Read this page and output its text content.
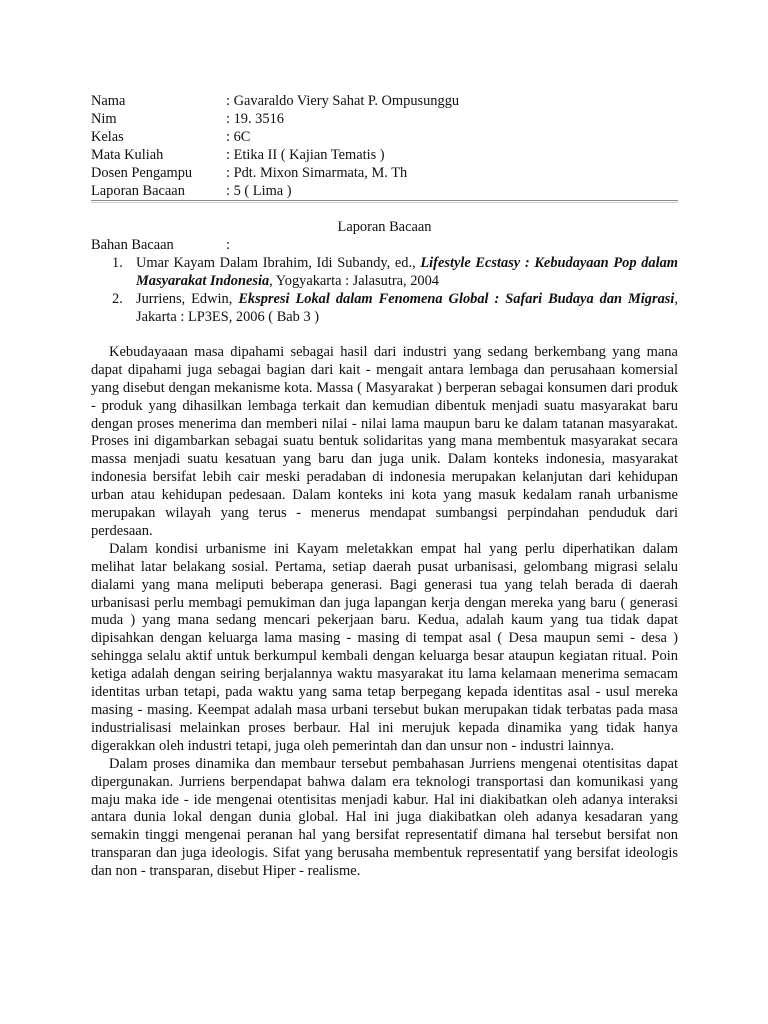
Nama	: Gavaraldo Viery Sahat P. Ompusunggu
Nim	: 19. 3516
Kelas	: 6C
Mata Kuliah	: Etika II ( Kajian Tematis )
Dosen Pengampu	: Pdt. Mixon Simarmata, M. Th
Laporan Bacaan	: 5 ( Lima )
Laporan Bacaan
Bahan Bacaan	:
1. Umar Kayam Dalam Ibrahim, Idi Subandy, ed., Lifestyle Ecstasy : Kebudayaan Pop dalam Masyarakat Indonesia, Yogyakarta : Jalasutra, 2004
2. Jurriens, Edwin, Ekspresi Lokal dalam Fenomena Global : Safari Budaya dan Migrasi, Jakarta : LP3ES, 2006 ( Bab 3 )

Kebudayaaan masa dipahami sebagai hasil dari industri yang sedang berkembang yang mana dapat dipahami juga sebagai bagian dari kait - mengait antara lembaga dan perusahaan komersial yang disebut dengan mekanisme kota. Massa ( Masyarakat ) berperan sebagai konsumen dari produk - produk yang dihasilkan lembaga terkait dan kemudian dibentuk menjadi suatu masyarakat baru dengan proses menerima dan memberi nilai - nilai lama maupun baru ke dalam tatanan masyarakat. Proses ini digambarkan sebagai suatu bentuk solidaritas yang mana membentuk masyarakat secara massa menjadi suatu kesatuan yang baru dan juga unik. Dalam konteks indonesia, masyarakat indonesia bersifat lebih cair meski peradaban di indonesia merupakan kelanjutan dari kehidupan urban atau kehidupan pedesaan. Dalam konteks ini kota yang masuk kedalam ranah urbanisme merupakan wilayah yang terus - menerus mendapat sumbangsi perpindahan penduduk dari perdesaan.

Dalam kondisi urbanisme ini Kayam meletakkan empat hal yang perlu diperhatikan dalam melihat latar belakang sosial. Pertama, setiap daerah pusat urbanisasi, gelombang migrasi selalu dialami yang mana meliputi beberapa generasi. Bagi generasi tua yang telah berada di daerah urbanisasi perlu membagi pemukiman dan juga lapangan kerja dengan mereka yang baru ( generasi muda ) yang mana sedang mencari pekerjaan baru. Kedua, adalah kaum yang tua tidak dapat dipisahkan dengan keluarga lama masing - masing di tempat asal ( Desa maupun semi - desa ) sehingga selalu aktif untuk berkumpul kembali dengan keluarga besar ataupun kegiatan ritual. Poin ketiga adalah dengan seiring berjalannya waktu masyarakat itu lama kelamaan menerima semacam identitas urban tetapi, pada waktu yang sama tetap berpegang kepada identitas asal - usul mereka masing - masing. Keempat adalah masa urbani tersebut bukan merupakan tidak terbatas pada masa industrialisasi melainkan proses berbaur. Hal ini merujuk kepada dinamika yang tidak hanya digerakkan oleh industri tetapi, juga oleh pemerintah dan dan unsur non - industri lainnya.

Dalam proses dinamika dan membaur tersebut pembahasan Jurriens mengenai otentisitas dapat dipergunakan. Jurriens berpendapat bahwa dalam era teknologi transportasi dan komunikasi yang maju maka ide - ide mengenai otentisitas menjadi kabur. Hal ini diakibatkan oleh adanya interaksi antara dunia lokal dengan dunia global. Hal ini juga diakibatkan oleh adanya kesadaran yang semakin tinggi mengenai peranan hal yang bersifat representatif dimana hal tersebut bersifat non transparan dan juga ideologis. Sifat yang berusaha membentuk representatif yang bersifat ideologis dan non - transparan, disebut Hiper - realisme.
